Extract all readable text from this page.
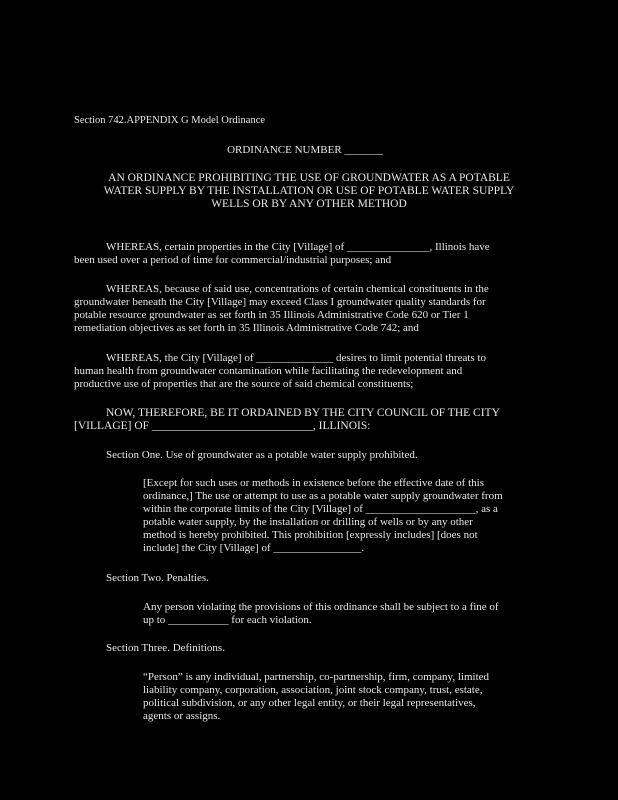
Section 742.APPENDIX G Model Ordinance
ORDINANCE NUMBER _______
AN ORDINANCE PROHIBITING THE USE OF GROUNDWATER AS A POTABLE
WATER SUPPLY BY THE INSTALLATION OR USE OF POTABLE WATER SUPPLY
WELLS OR BY ANY OTHER METHOD
WHEREAS, certain properties in the City [Village] of _______________, Illinois have
been used over a period of time for commercial/industrial purposes; and
WHEREAS, because of said use, concentrations of certain chemical constituents in the
groundwater beneath the City [Village] may exceed Class I groundwater quality standards for
potable resource groundwater as set forth in 35 Illinois Administrative Code 620 or Tier 1
remediation objectives as set forth in 35 Illinois Administrative Code 742; and
WHEREAS, the City [Village] of ______________ desires to limit potential threats to
human health from groundwater contamination while facilitating the redevelopment and
productive use of properties that are the source of said chemical constituents;
NOW, THEREFORE, BE IT ORDAINED BY THE CITY COUNCIL OF THE CITY
[VILLAGE] OF ____________________________, ILLINOIS:
Section One. Use of groundwater as a potable water supply prohibited.
[Except for such uses or methods in existence before the effective date of this
ordinance,] The use or attempt to use as a potable water supply groundwater from
within the corporate limits of the City [Village] of ____________________, as a
potable water supply, by the installation or drilling of wells or by any other
method is hereby prohibited. This prohibition [expressly includes] [does not
include] the City [Village] of ________________.
Section Two. Penalties.
Any person violating the provisions of this ordinance shall be subject to a fine of
up to ___________ for each violation.
Section Three. Definitions.
“Person” is any individual, partnership, co-partnership, firm, company, limited
liability company, corporation, association, joint stock company, trust, estate,
political subdivision, or any other legal entity, or their legal representatives,
agents or assigns.
